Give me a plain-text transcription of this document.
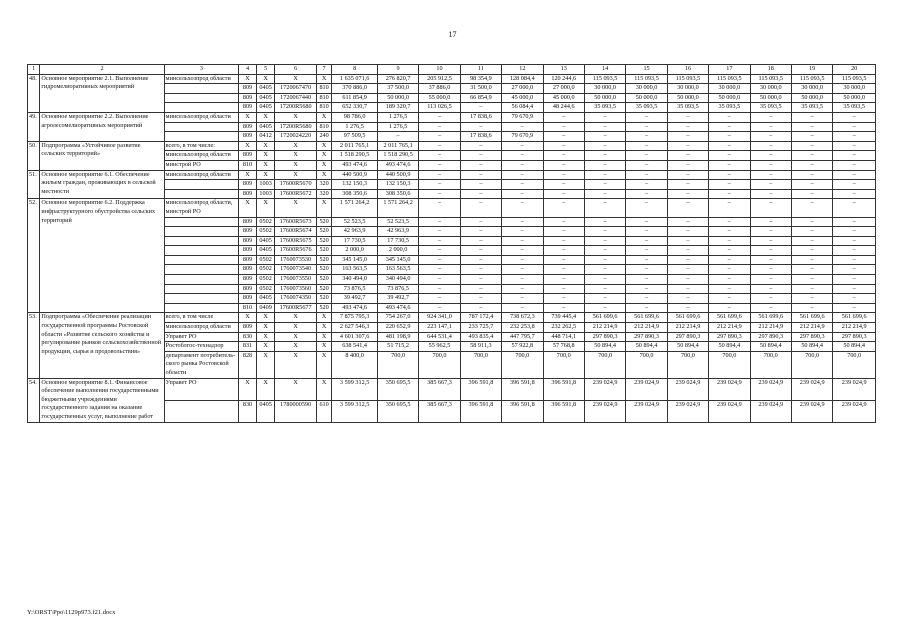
17
1	2	3	4	5	6	7	8	9	10	11	12	13	14	15	16	17	18	19	20
48.	Основное мероприятие 2.1. Выполнение гидромелиоративных мероприятий	минсельхозпрод области	Х	Х	Х	Х	1 635 071,6	276 820,7	205 912,5	98 354,9	128 084,4	120 244,6	115 093,5	115 093,5	115 093,5	115 093,5	115 093,5	115 093,5	115 093,5
			809	0405	1720067470	810	370 886,0	37 500,0	37 886,0	31 500,0	27 000,0	27 000,0	30 000,0	30 000,0	30 000,0	30 000,0	30 000,0	30 000,0	30 000,0
			809	0405	1720067440	810	611 854,9	50 000,0	55 000,0	66 854,9	45 000,0	45 000,0	50 000,0	50 000,0	50 000,0	50 000,0	50 000,0	50 000,0	50 000,0
			809	0405	17200R5680	810	652 330,7	189 320,7	113 026,5	–	56 084,4	48 244,6	35 093,5	35 093,5	35 093,5	35 093,5	35 093,5	35 093,5	35 093,5
49.	Основное мероприятие 2.2. Выполнение агролесомелиоративных мероприятий	минсельхозпрод области	Х	Х	Х	Х	98 786,0	1 276,5	–	17 838,6	79 670,9	–	–	–	–	–	–	–	–
			809	0405	17200R5680	810	1 276,5	1 276,5	–	–	–	–	–	–	–	–	–	–	–
			809	0412	1720024220	240	97 509,5	–	–	17 838,6	79 670,9	–	–	–	–	–	–	–	–
50.	Подпрограмма «Устойчивое развитие сельских территорий»	всего, в том числе:	Х	Х	Х	Х	2 011 765,1	2 011 765,1	–	–	–	–	–	–	–	–	–	–	–
		минсельхозпрод области	809	Х	Х	Х	1 518 290,5	1 518 290,5	–	–	–	–	–	–	–	–	–	–	–
		минстрой РО	810	Х	Х	Х	493 474,6	493 474,6	–	–	–	–	–	–	–	–	–	–	–
51.	Основное мероприятие 6.1. Обеспечение жильем граждан, проживающих в сельской местности	минсельхозпрод области	Х	Х	Х	Х	440 500,9	440 500,9	–	–	–	–	–	–	–	–	–	–	–
			809	1003	17600R5670	320	132 150,3	132 150,3	–	–	–	–	–	–	–	–	–	–	–
			809	1003	17600R5672	320	308 350,6	308 350,6	–	–	–	–	–	–	–	–	–	–	–
52.	Основное мероприятие 6.2. Поддержка инфраструктурного обустройства сельских территорий	минсельхозпрод области, минстрой РО	Х	Х	Х	Х	1 571 264,2	1 571 264,2	–	–	–	–	–	–	–	–	–	–	–
			809	0502	17600R5673	520	52 523,5	52 523,5	–	–	–	–	–	–	–	–	–	–	–
			809	0502	17600R5674	520	42 963,9	42 963,9	–	–	–	–	–	–	–	–	–	–	–
			809	0405	17600R5675	520	17 730,5	17 730,5	–	–	–	–	–	–	–	–	–	–	–
			809	0405	17600R5676	520	2 000,0	2 000,0	–	–	–	–	–	–	–	–	–	–	–
			809	0502	1760073530	520	345 145,0	345 145,0	–	–	–	–	–	–	–	–	–	–	–
			809	0502	1760073540	520	163 563,5	163 563,5	–	–	–	–	–	–	–	–	–	–	–
			809	0502	1760073550	520	340 494,0	340 494,0	–	–	–	–	–	–	–	–	–	–	–
			809	0502	1760073560	520	73 876,5	73 876,5	–	–	–	–	–	–	–	–	–	–	–
			809	0405	1760074350	520	39 492,7	39 492,7	–	–	–	–	–	–	–	–	–	–	–
			810	0409	17600R5677	520	493 474,6	493 474,6	–	–	–	–	–	–	–	–	–	–	–
53.	Подпрограмма «Обеспечение реализации государственной программы Ростовской области «Развитие сельского хозяйства и регулирование рынков сельскохозяйственной продукции, сырья и продовольствия»	всего, в том числе	Х	Х	Х	Х	7 875 795,3	754 267,0	924 341,0	787 172,4	738 672,3	739 445,4	561 699,6	561 699,6	561 699,6	561 699,6	561 699,6	561 699,6	561 699,6
		минсельхозпрод области	809	Х	Х	Х	2 627 546,3	220 652,9	223 147,1	233 725,7	232 253,8	232 262,5	212 214,9	212 214,9	212 214,9	212 214,9	212 214,9	212 214,9	212 214,9
		Управет РО	830	Х	Х	Х	4 601 307,6	481 198,9	644 531,4	493 835,4	447 795,7	448 714,1	297 890,3	297 890,3	297 890,3	297 890,3	297 890,3	297 890,3	297 890,3
		Ростоблгос-технадзор	831	Х	Х	Х	638 541,4	51 715,2	55 962,5	58 911,3	57 922,8	57 768,8	50 894,4	50 894,4	50 894,4	50 894,4	50 894,4	50 894,4	50 894,4
		департамент потребитель-ского рынка Ростовской области	828	Х	Х	Х	8 400,0	700,0	700,0	700,0	700,0	700,0	700,0	700,0	700,0	700,0	700,0	700,0	700,0
54.	Основное мероприятие 8.1. Финансовое обеспечение выполнения государственными бюджетными учреждениями государственного задания на оказание государственных услуг, выполнение работ	Управет РО	Х	Х	Х	Х	3 599 312,5	350 695,5	385 667,3	396 591,8	396 591,8	396 591,8	239 024,9	239 024,9	239 024,9	239 024,9	239 024,9	239 024,9	239 024,9
			830	0405	1780000590	610	3 599 312,5	350 695,5	385 667,3	396 591,8	396 591,8	396 591,8	239 024,9	239 024,9	239 024,9	239 024,9	239 024,9	239 024,9	239 024,9
Y:\ORST\Ppo\1129p973.f21.docx
